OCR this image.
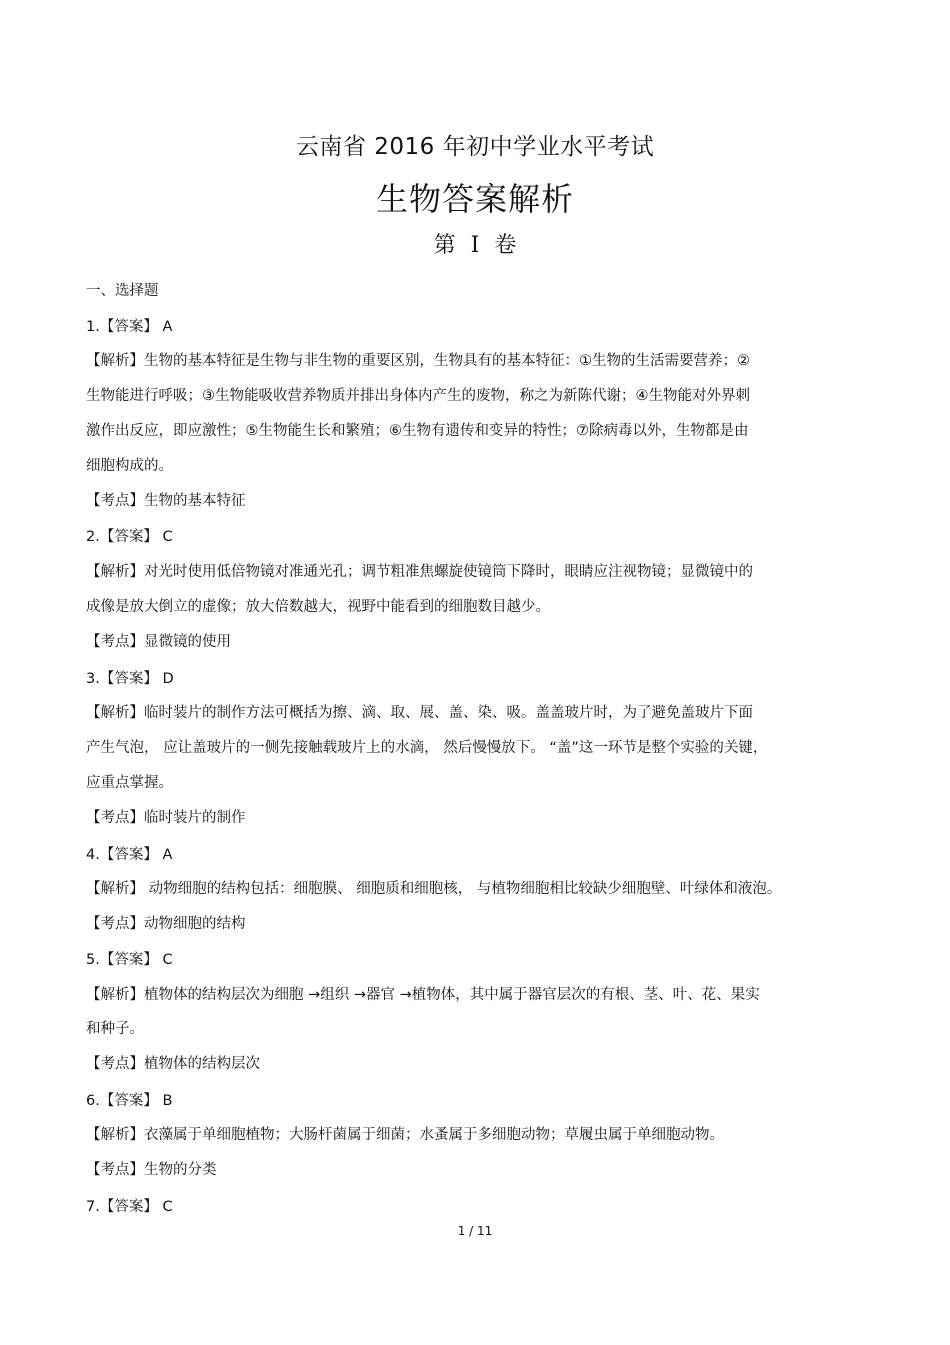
云南省 2016 年初中学业水平考试
生物答案解析
第 Ⅰ 卷
一、选择题
1.【答案】 A
【解析】生物的基本特征是生物与非生物的重要区别，生物具有的基本特征：①生物的生活需要营养；②
生物能进行呼吸；③生物能吸收营养物质并排出身体内产生的废物，称之为新陈代谢；④生物能对外界刺
激作出反应，即应激性；⑤生物能生长和繁殖；⑥生物有遗传和变异的特性；⑦除病毒以外，生物都是由
细胞构成的。
【考点】生物的基本特征
2.【答案】 C
【解析】对光时使用低倍物镜对准通光孔；调节粗准焦螺旋使镜筒下降时，眼睛应注视物镜；显微镜中的
成像是放大倒立的虚像；放大倍数越大，视野中能看到的细胞数目越少。
【考点】显微镜的使用
3.【答案】 D
【解析】临时装片的制作方法可概括为擦、滴、取、展、盖、染、吸。盖盖玻片时，为了避免盖玻片下面
产生气泡， 应让盖玻片的一侧先接触载玻片上的水滴， 然后慢慢放下。 “盖”这一环节是整个实验的关键，
应重点掌握。
【考点】临时装片的制作
4.【答案】 A
【解析】 动物细胞的结构包括：细胞膜、 细胞质和细胞核， 与植物细胞相比较缺少细胞壁、叶绿体和液泡。
【考点】动物细胞的结构
5.【答案】 C
【解析】植物体的结构层次为细胞 →组织 →器官 →植物体，其中属于器官层次的有根、茎、叶、花、果实
和种子。
【考点】植物体的结构层次
6.【答案】 B
【解析】衣藻属于单细胞植物；大肠杆菌属于细菌；水蚤属于多细胞动物；草履虫属于单细胞动物。
【考点】生物的分类
7.【答案】 C
1 / 11
